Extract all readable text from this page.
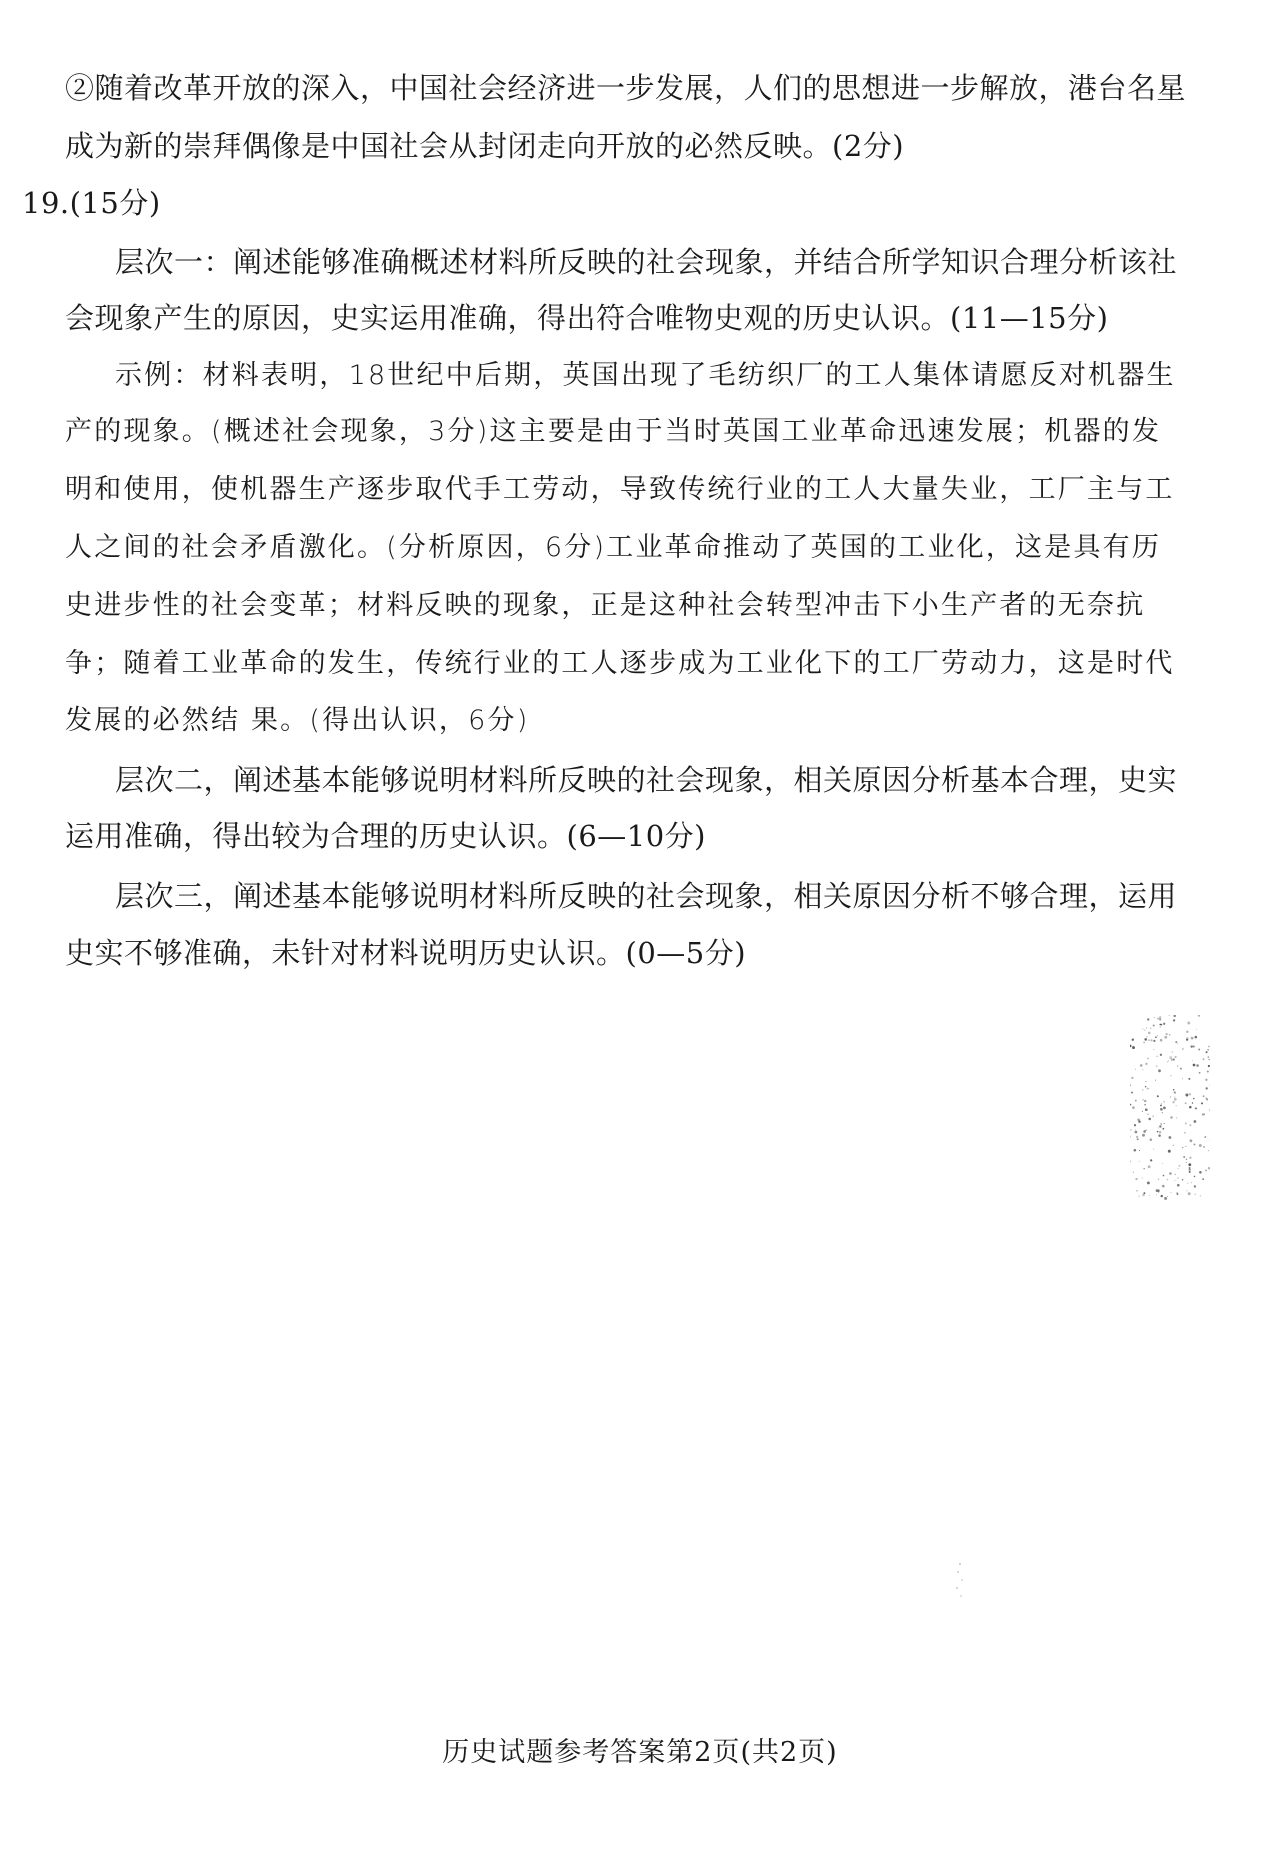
②随着改革开放的深入，中国社会经济进一步发展，人们的思想进一步解放，港台名星
成为新的崇拜偶像是中国社会从封闭走向开放的必然反映。(2分)
19.(15分)
层次一：阐述能够准确概述材料所反映的社会现象，并结合所学知识合理分析该社
会现象产生的原因，史实运用准确，得出符合唯物史观的历史认识。(11—15分)
示例：材料表明，18世纪中后期，英国出现了毛纺织厂的工人集体请愿反对机器生
产的现象。(概述社会现象，3分)这主要是由于当时英国工业革命迅速发展；机器的发
明和使用，使机器生产逐步取代手工劳动，导致传统行业的工人大量失业，工厂主与工
人之间的社会矛盾激化。(分析原因，6分)工业革命推动了英国的工业化，这是具有历
史进步性的社会变革；材料反映的现象，正是这种社会转型冲击下小生产者的无奈抗
争；随着工业革命的发生，传统行业的工人逐步成为工业化下的工厂劳动力，这是时代
发展的必然结 果。(得出认识，6分)
层次二，阐述基本能够说明材料所反映的社会现象，相关原因分析基本合理，史实
运用准确，得出较为合理的历史认识。(6—10分)
层次三，阐述基本能够说明材料所反映的社会现象，相关原因分析不够合理，运用
史实不够准确，未针对材料说明历史认识。(0—5分)
历史试题参考答案第2页(共2页)
